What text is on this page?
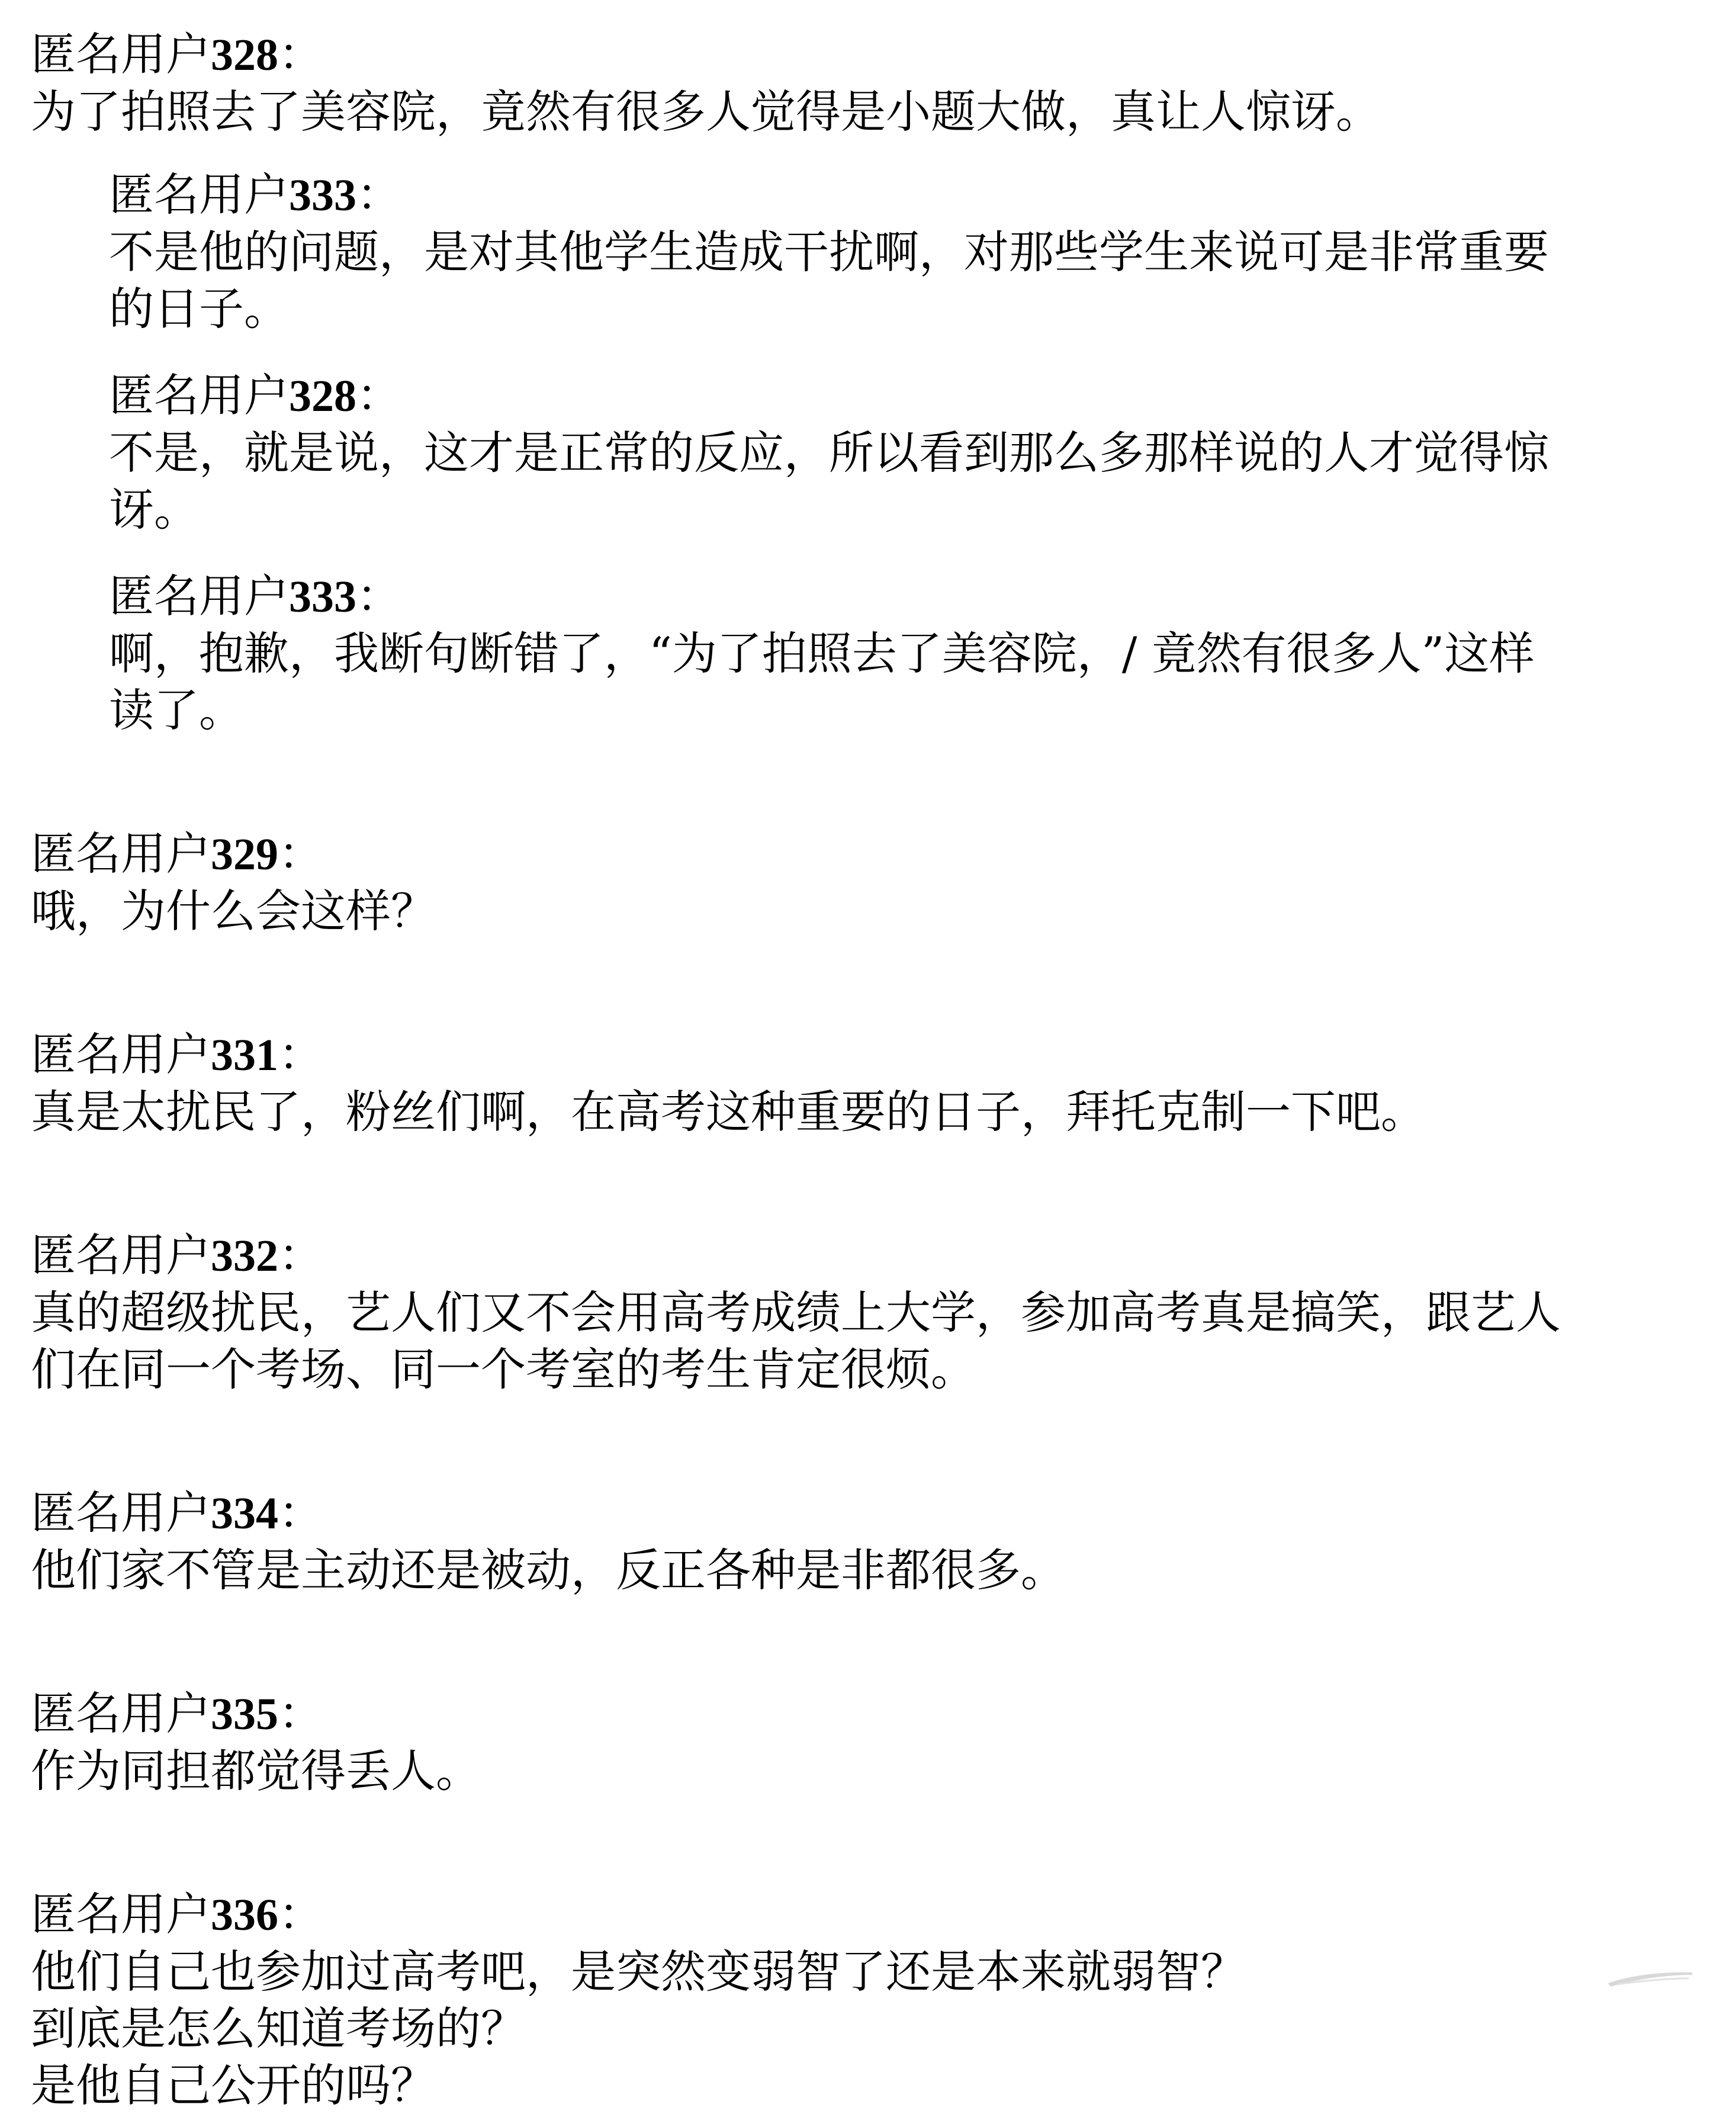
匿名用户328：
为了拍照去了美容院，竟然有很多人觉得是小题大做，真让人惊讶。
匿名用户333：
不是他的问题，是对其他学生造成干扰啊，对那些学生来说可是非常重要
的日子。
匿名用户328：
不是，就是说，这才是正常的反应，所以看到那么多那样说的人才觉得惊
讶。
匿名用户333：
啊，抱歉，我断句断错了，“为了拍照去了美容院，/ 竟然有很多人”这样
读了。
匿名用户329：
哦，为什么会这样？
匿名用户331：
真是太扰民了，粉丝们啊，在高考这种重要的日子，拜托克制一下吧。
匿名用户332：
真的超级扰民，艺人们又不会用高考成绩上大学，参加高考真是搞笑，跟艺人
们在同一个考场、同一个考室的考生肯定很烦。
匿名用户334：
他们家不管是主动还是被动，反正各种是非都很多。
匿名用户335：
作为同担都觉得丢人。
匿名用户336：
他们自己也参加过高考吧，是突然变弱智了还是本来就弱智？
到底是怎么知道考场的？
是他自己公开的吗？
